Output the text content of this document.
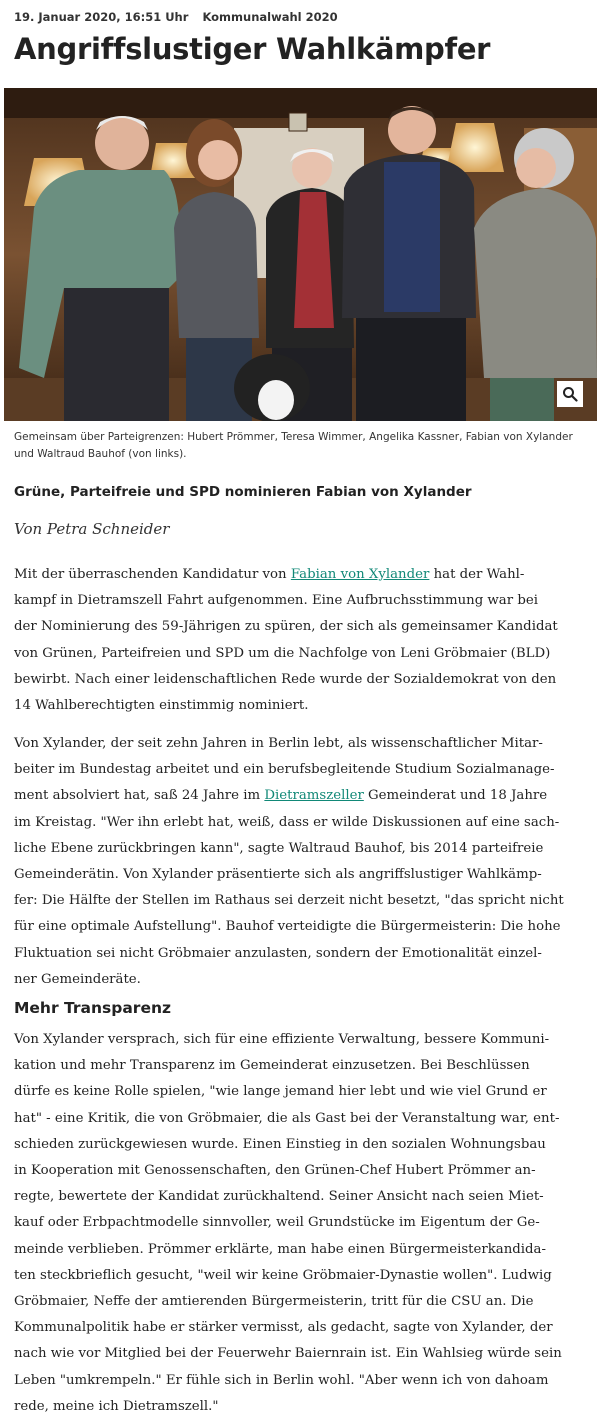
19. Januar 2020, 16:51 Uhr Kommunalwahl 2020
Angriffslustiger Wahlkämpfer

Gemeinsam über Parteigrenzen: Hubert Prömmer, Teresa Wimmer, Angelika Kassner, Fabian von Xylander und Waltraud Bauhof (von links).

Grüne, Parteifreie und SPD nominieren Fabian von Xylander

Von Petra Schneider

Mit der überraschenden Kandidatur von Fabian von Xylander hat der Wahl-
kampf in Dietramszell Fahrt aufgenommen. Eine Aufbruchsstimmung war bei
der Nominierung des 59-Jährigen zu spüren, der sich als gemeinsamer Kandidat
von Grünen, Parteifreien und SPD um die Nachfolge von Leni Gröbmaier (BLD)
bewirbt. Nach einer leidenschaftlichen Rede wurde der Sozialdemokrat von den
14 Wahlberechtigten einstimmig nominiert.
Von Xylander, der seit zehn Jahren in Berlin lebt, als wissenschaftlicher Mitar-
beiter im Bundestag arbeitet und ein berufsbegleitende Studium Sozialmanage-
ment absolviert hat, saß 24 Jahre im Dietramszeller Gemeinderat und 18 Jahre
im Kreistag. "Wer ihn erlebt hat, weiß, dass er wilde Diskussionen auf eine sach-
liche Ebene zurückbringen kann", sagte Waltraud Bauhof, bis 2014 parteifreie
Gemeinderätin. Von Xylander präsentierte sich als angriffslustiger Wahlkämp-
fer: Die Hälfte der Stellen im Rathaus sei derzeit nicht besetzt, "das spricht nicht
für eine optimale Aufstellung". Bauhof verteidigte die Bürgermeisterin: Die hohe
Fluktuation sei nicht Gröbmaier anzulasten, sondern der Emotionalität einzel-
ner Gemeinderäte.
Mehr Transparenz
Von Xylander versprach, sich für eine effiziente Verwaltung, bessere Kommuni-
kation und mehr Transparenz im Gemeinderat einzusetzen. Bei Beschlüssen
dürfe es keine Rolle spielen, "wie lange jemand hier lebt und wie viel Grund er
hat" - eine Kritik, die von Gröbmaier, die als Gast bei der Veranstaltung war, ent-
schieden zurückgewiesen wurde. Einen Einstieg in den sozialen Wohnungsbau
in Kooperation mit Genossenschaften, den Grünen-Chef Hubert Prömmer an-
regte, bewertete der Kandidat zurückhaltend. Seiner Ansicht nach seien Miet-
kauf oder Erbpachtmodelle sinnvoller, weil Grundstücke im Eigentum der Ge-
meinde verblieben. Prömmer erklärte, man habe einen Bürgermeisterkandida-
ten steckbrieflich gesucht, "weil wir keine Gröbmaier-Dynastie wollen". Ludwig
Gröbmaier, Neffe der amtierenden Bürgermeisterin, tritt für die CSU an. Die
Kommunalpolitik habe er stärker vermisst, als gedacht, sagte von Xylander, der
nach wie vor Mitglied bei der Feuerwehr Baiernrain ist. Ein Wahlsieg würde sein
Leben "umkrempeln." Er fühle sich in Berlin wohl. "Aber wenn ich von dahoam
rede, meine ich Dietramszell."
